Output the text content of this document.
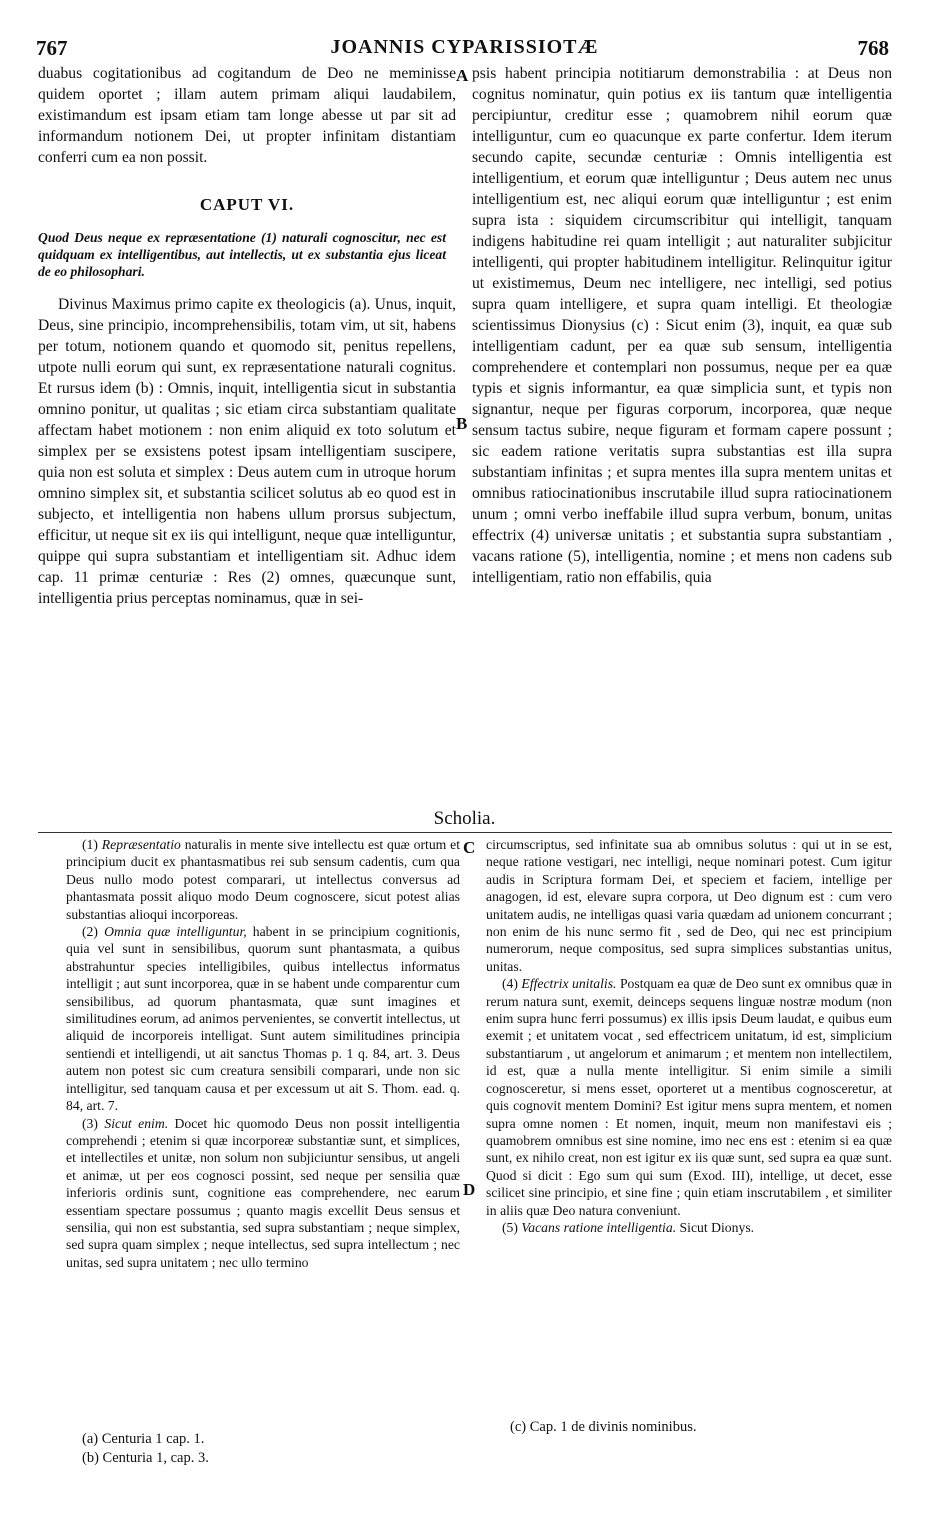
767	JOANNIS CYPARISSIOTÆ	768
A
B
C
D

duabus cogitationibus ad cogitandum de Deo ne meminisse quidem oportet ; illam autem primam aliqui laudabilem, existimandum est ipsam etiam tam longe abesse ut par sit ad informandum notionem Dei, ut propter infinitam distantiam conferri cum ea non possit.

CAPUT VI.
Quod Deus neque ex repræsentatione (1) naturali cognoscitur, nec est quidquam ex intelligentibus, aut intellectis, ut ex substantia ejus liceat de eo philosophari.

Divinus Maximus primo capite ex theologicis (a). Unus, inquit, Deus, sine principio, incomprehensibilis, totam vim, ut sit, habens per totum, notionem quando et quomodo sit, penitus repellens, utpote nulli eorum qui sunt, ex repræsentatione naturali cognitus. Et rursus idem (b) : Omnis, inquit, intelligentia sicut in substantia omnino ponitur, ut qualitas ; sic etiam circa substantiam qualitate affectam habet motionem : non enim aliquid ex toto solutum et simplex per se exsistens potest ipsam intelligentiam suscipere, quia non est soluta et simplex : Deus autem cum in utroque horum omnino simplex sit, et substantia scilicet solutus ab eo quod est in subjecto, et intelligentia non habens ullum prorsus subjectum, efficitur, ut neque sit ex iis qui intelligunt, neque quæ intelliguntur, quippe qui supra substantiam et intelligentiam sit. Adhuc idem cap. 11 primæ centuriæ : Res (2) omnes, quæcunque sunt, intelligentia prius perceptas nominamus, quæ in sei-

psis habent principia notitiarum demonstrabilia : at Deus non cognitus nominatur, quin potius ex iis tantum quæ intelligentia percipiuntur, creditur esse ; quamobrem nihil eorum quæ intelliguntur, cum eo quacunque ex parte confertur. Idem iterum secundo capite, secundæ centuriæ : Omnis intelligentia est intelligentium, et eorum quæ intelliguntur ; Deus autem nec unus intelligentium est, nec aliqui eorum quæ intelliguntur ; est enim supra ista : siquidem circumscribitur qui intelligit, tanquam indigens habitudine rei quam intelligit ; aut naturaliter subjicitur intelligenti, qui propter habitudinem intelligitur. Relinquitur igitur ut existimemus, Deum nec intelligere, nec intelligi, sed potius supra quam intelligere, et supra quam intelligi. Et theologiæ scientissimus Dionysius (c) : Sicut enim (3), inquit, ea quæ sub intelligentiam cadunt, per ea quæ sub sensum, intelligentia comprehendere et contemplari non possumus, neque per ea quæ typis et signis informantur, ea quæ simplicia sunt, et typis non signantur, neque per figuras corporum, incorporea, quæ neque sensum tactus subire, neque figuram et formam capere possunt ; sic eadem ratione veritatis supra substantias est illa supra substantiam infinitas ; et supra mentes illa supra mentem unitas et omnibus ratiocinationibus inscrutabile illud supra ratiocinationem unum ; omni verbo ineffabile illud supra verbum, bonum, unitas effectrix (4) universæ unitatis ; et substantia supra substantiam , vacans ratione (5), intelligentia, nomine ; et mens non cadens sub intelligentiam, ratio non effabilis, quia

Scholia.

(1) Repræsentatio naturalis in mente sive intellectu est quæ ortum et principium ducit ex phantasmatibus rei sub sensum cadentis, cum qua Deus nullo modo potest comparari, ut intellectus conversus ad phantasmata possit aliquo modo Deum cognoscere, sicut potest alias substantias alioqui incorporeas.

(2) Omnia quæ intelliguntur, habent in se principium cognitionis, quia vel sunt in sensibilibus, quorum sunt phantasmata, a quibus abstrahuntur species intelligibiles, quibus intellectus informatus intelligit ; aut sunt incorporea, quæ in se habent unde comparentur cum sensibilibus, ad quorum phantasmata, quæ sunt imagines et similitudines eorum, ad animos pervenientes, se convertit intellectus, ut aliquid de incorporeis intelligat. Sunt autem similitudines principia sentiendi et intelligendi, ut ait sanctus Thomas p. 1 q. 84, art. 3. Deus autem non potest sic cum creatura sensibili comparari, unde non sic intelligitur, sed tanquam causa et per excessum ut ait S. Thom. ead. q. 84, art. 7.

(3) Sicut enim. Docet hic quomodo Deus non possit intelligentia comprehendi ; etenim si quæ incorporeæ substantiæ sunt, et simplices, et intellectiles et unitæ, non solum non subjiciuntur sensibus, ut angeli et animæ, ut per eos cognosci possint, sed neque per sensilia quæ inferioris ordinis sunt, cognitione eas comprehendere, nec earum essentiam spectare possumus ; quanto magis excellit Deus sensus et sensilia, qui non est substantia, sed supra substantiam ; neque simplex, sed supra quam simplex ; neque intellectus, sed supra intellectum ; nec unitas, sed supra unitatem ; nec ullo termino

circumscriptus, sed infinitate sua ab omnibus solutus : qui ut in se est, neque ratione vestigari, nec intelligi, neque nominari potest. Cum igitur audis in Scriptura formam Dei, et speciem et faciem, intellige per anagogen, id est, elevare supra corpora, ut Deo dignum est : cum vero unitatem audis, ne intelligas quasi varia quædam ad unionem concurrant ; non enim de his nunc sermo fit , sed de Deo, qui nec est principium numerorum, neque compositus, sed supra simplices substantias unitus, unitas.

(4) Effectrix unitalis. Postquam ea quæ de Deo sunt ex omnibus quæ in rerum natura sunt, exemit, deinceps sequens linguæ nostræ modum (non enim supra hunc ferri possumus) ex illis ipsis Deum laudat, e quibus eum exemit ; et unitatem vocat , sed effectricem unitatum, id est, simplicium substantiarum , ut angelorum et animarum ; et mentem non intellectilem, id est, quæ a nulla mente intelligitur. Si enim simile a simili cognosceretur, si mens esset, oporteret ut a mentibus cognosceretur, at quis cognovit mentem Domini? Est igitur mens supra mentem, et nomen supra omne nomen : Et nomen, inquit, meum non manifestavi eis ; quamobrem omnibus est sine nomine, imo nec ens est : etenim si ea quæ sunt, ex nihilo creat, non est igitur ex iis quæ sunt, sed supra ea quæ sunt. Quod si dicit : Ego sum qui sum (Exod. III), intellige, ut decet, esse scilicet sine principio, et sine fine ; quin etiam inscrutabilem , et similiter in aliis quæ Deo natura conveniunt.

(5) Vacans ratione intelligentia. Sicut Dionys.

(a) Centuria 1 cap. 1.
(b) Centuria 1, cap. 3.
(c) Cap. 1 de divinis nominibus.
